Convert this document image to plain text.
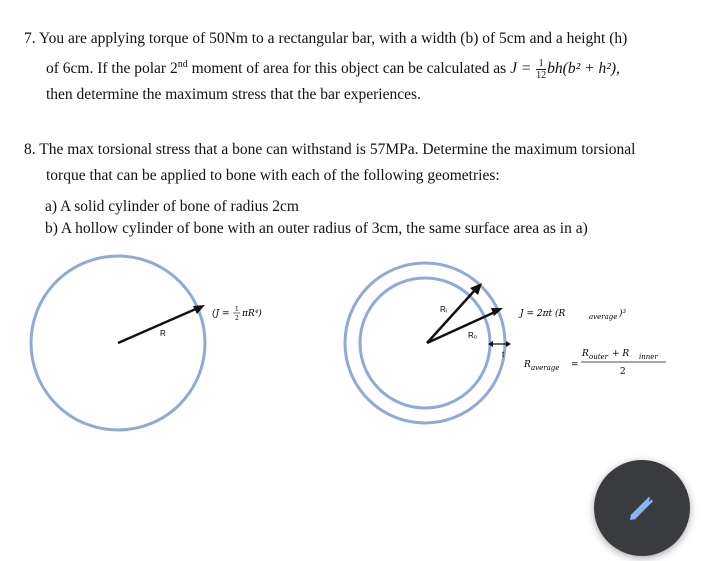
7. You are applying torque of 50Nm to a rectangular bar, with a width (b) of 5cm and a height (h)
of 6cm. If the polar 2nd moment of area for this object can be calculated as $J = \frac{1}{12} bh(b^2 + h^2)$,
then determine the maximum stress that the bar experiences.
8. The max torsional stress that a bone can withstand is 57MPa. Determine the maximum torsional
torque that can be applied to bone with each of the following geometries:
a) A solid cylinder of bone of radius 2cm
b) A hollow cylinder of bone with an outer radius of 3cm, the same surface area as in a)
R
(J = 1
2 πR⁴)	Rᵢ
Rₒ
t
J = 2πt (R	average )³
R average =
R outer + R inner
2
